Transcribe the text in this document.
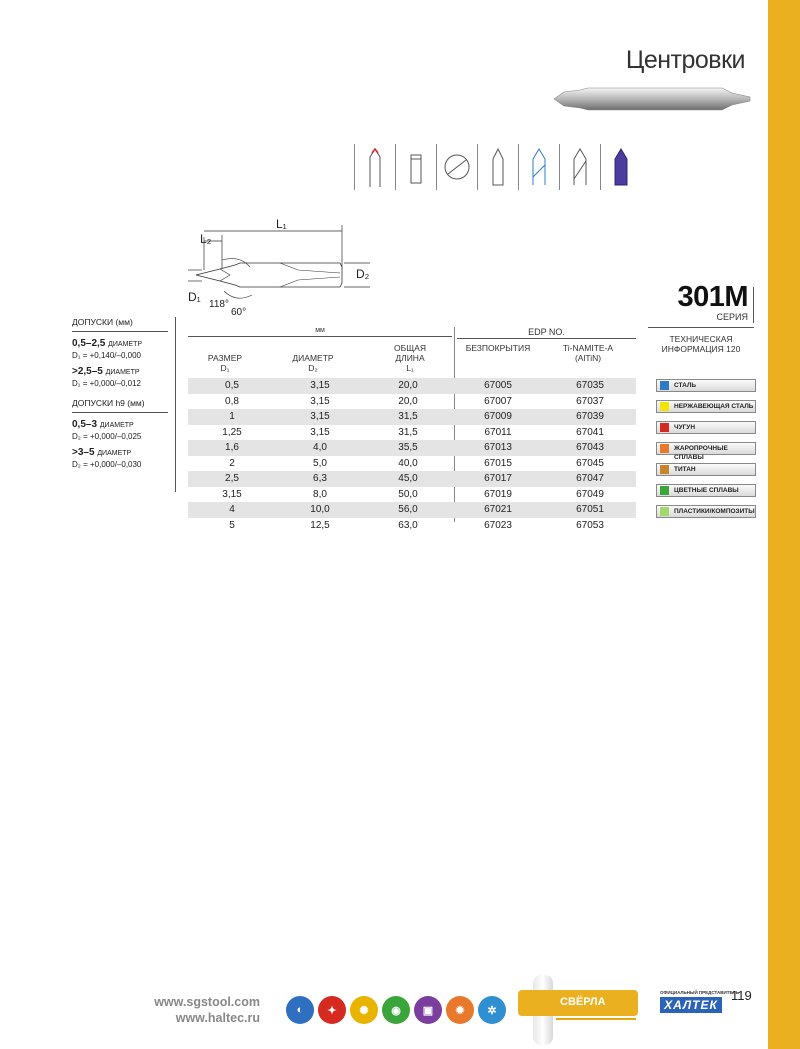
Центровки
L₁
L₂
D₂
D₁
118°
60°	301M
СЕРИЯ
ДОПУСКИ (мм)
0,5–2,5 ДИАМЕТР
D₁ = +0,140/–0,000
>2,5–5 ДИАМЕТР
D₁ = +0,000/–0,012
ДОПУСКИ h9 (мм)
0,5–3 ДИАМЕТР
D₂ = +0,000/–0,025
>3–5 ДИАМЕТР
D₂ = +0,000/–0,030
мм	EDP NO.
РАЗМЕР
D₁
ДИАМЕТР
D₂
ОБЩАЯ ДЛИНА
L₁
БЕЗПОКРЫТИЯ	Ti-NAMITE-A
(AlTiN)
0,5	3,15	20,0	67005	67035
0,8	3,15	20,0	67007	67037
1	3,15	31,5	67009	67039
1,25	3,15	31,5	67011	67041
1,6	4,0	35,5	67013	67043
2	5,0	40,0	67015	67045
2,5	6,3	45,0	67017	67047
3,15	8,0	50,0	67019	67049
4	10,0	56,0	67021	67051
5	12,5	63,0	67023	67053
ТЕХНИЧЕСКАЯ
ИНФОРМАЦИЯ 120
СТАЛЬ
НЕРЖАВЕЮЩАЯ СТАЛЬ
ЧУГУН
ЖАРОПРОЧНЫЕ СПЛАВЫ
ТИТАН
ЦВЕТНЫЕ СПЛАВЫ
ПЛАСТИКИ/КОМПОЗИТЫ
www.sgstool.com
www.haltec.ru
◐	✦	✺	◉	▣	✹	✲
СВЁРЛА
ОФИЦИАЛЬНЫЙ ПРЕДСТАВИТЕЛЬ
ХАЛТЕК
119
